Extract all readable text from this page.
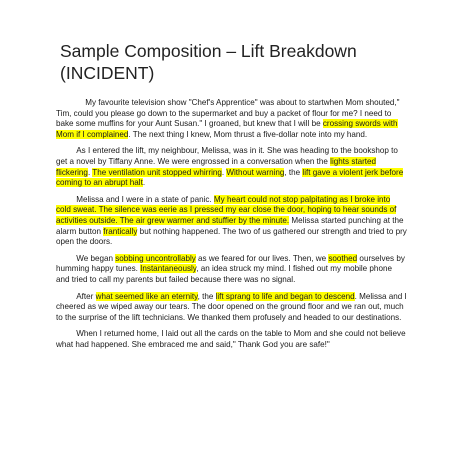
Sample Composition – Lift Breakdown
(INCIDENT)

My favourite television show "Chef's Apprentice" was about to startwhen Mom shouted," Tim, could you please go down to the supermarket and buy a packet of flour for me? I need to bake some muffins for your Aunt Susan." I groaned, but knew that I will be crossing swords with Mom if I complained. The next thing I knew, Mom thrust a five-dollar note into my hand.

As I entered the lift, my neighbour, Melissa, was in it. She was heading to the bookshop to get a novel by Tiffany Anne. We were engrossed in a conversation when the lights started flickering. The ventilation unit stopped whirring. Without warning, the lift gave a violent jerk before coming to an abrupt halt.

Melissa and I were in a state of panic. My heart could not stop palpitating as I broke into cold sweat. The silence was eerie as I pressed my ear close the door, hoping to hear sounds of activities outside. The air grew warmer and stuffier by the minute. Melissa started punching at the alarm button frantically but nothing happened. The two of us gathered our strength and tried to pry open the doors.

We began sobbing uncontrollably as we feared for our lives. Then, we soothed ourselves by humming happy tunes. Instantaneously, an idea struck my mind. I fished out my mobile phone and tried to call my parents but failed because there was no signal.

After what seemed like an eternity, the lift sprang to life and began to descend. Melissa and I cheered as we wiped away our tears. The door opened on the ground floor and we ran out, much to the surprise of the lift technicians. We thanked them profusely and headed to our destinations.

When I returned home, I laid out all the cards on the table to Mom and she could not believe what had happened. She embraced me and said," Thank God you are safe!"
